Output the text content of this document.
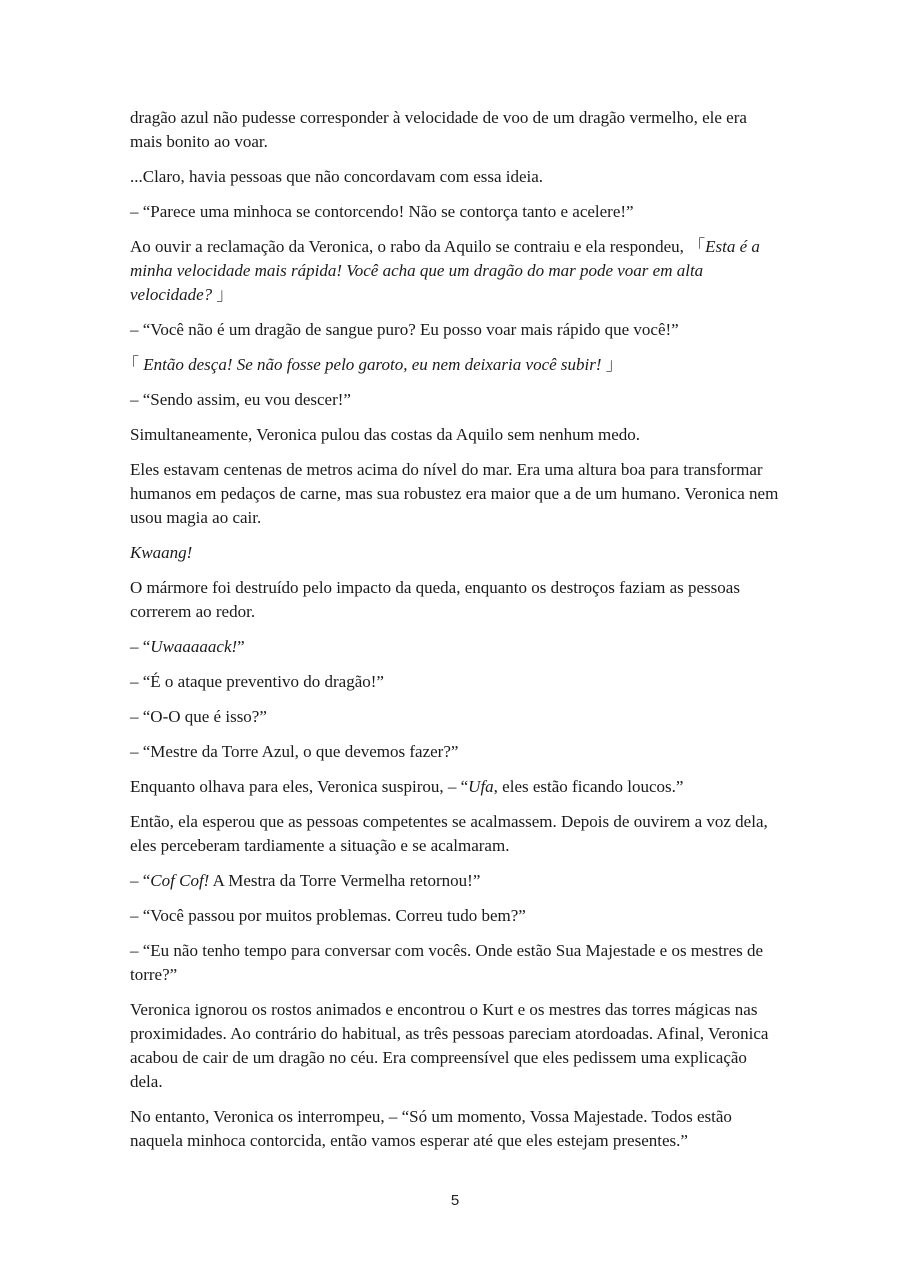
dragão azul não pudesse corresponder à velocidade de voo de um dragão vermelho, ele era mais bonito ao voar.

...Claro, havia pessoas que não concordavam com essa ideia.

– “Parece uma minhoca se contorcendo! Não se contorça tanto e acelere!”

Ao ouvir a reclamação da Veronica, o rabo da Aquilo se contraiu e ela respondeu, 「Esta é a minha velocidade mais rápida! Você acha que um dragão do mar pode voar em alta velocidade? 」

– “Você não é um dragão de sangue puro? Eu posso voar mais rápido que você!”

「 Então desça! Se não fosse pelo garoto, eu nem deixaria você subir! 」

– “Sendo assim, eu vou descer!”

Simultaneamente, Veronica pulou das costas da Aquilo sem nenhum medo.

Eles estavam centenas de metros acima do nível do mar. Era uma altura boa para transformar humanos em pedaços de carne, mas sua robustez era maior que a de um humano. Veronica nem usou magia ao cair.

Kwaang!

O mármore foi destruído pelo impacto da queda, enquanto os destroços faziam as pessoas correrem ao redor.

– “Uwaaaaack!”

– “É o ataque preventivo do dragão!”

– “O-O que é isso?”

– “Mestre da Torre Azul, o que devemos fazer?”

Enquanto olhava para eles, Veronica suspirou, – “Ufa, eles estão ficando loucos.”

Então, ela esperou que as pessoas competentes se acalmassem. Depois de ouvirem a voz dela, eles perceberam tardiamente a situação e se acalmaram.

– “Cof Cof! A Mestra da Torre Vermelha retornou!”

– “Você passou por muitos problemas. Correu tudo bem?”

– “Eu não tenho tempo para conversar com vocês. Onde estão Sua Majestade e os mestres de torre?”

Veronica ignorou os rostos animados e encontrou o Kurt e os mestres das torres mágicas nas proximidades. Ao contrário do habitual, as três pessoas pareciam atordoadas. Afinal, Veronica acabou de cair de um dragão no céu. Era compreensível que eles pedissem uma explicação dela.

No entanto, Veronica os interrompeu, – “Só um momento, Vossa Majestade. Todos estão naquela minhoca contorcida, então vamos esperar até que eles estejam presentes.”

5
